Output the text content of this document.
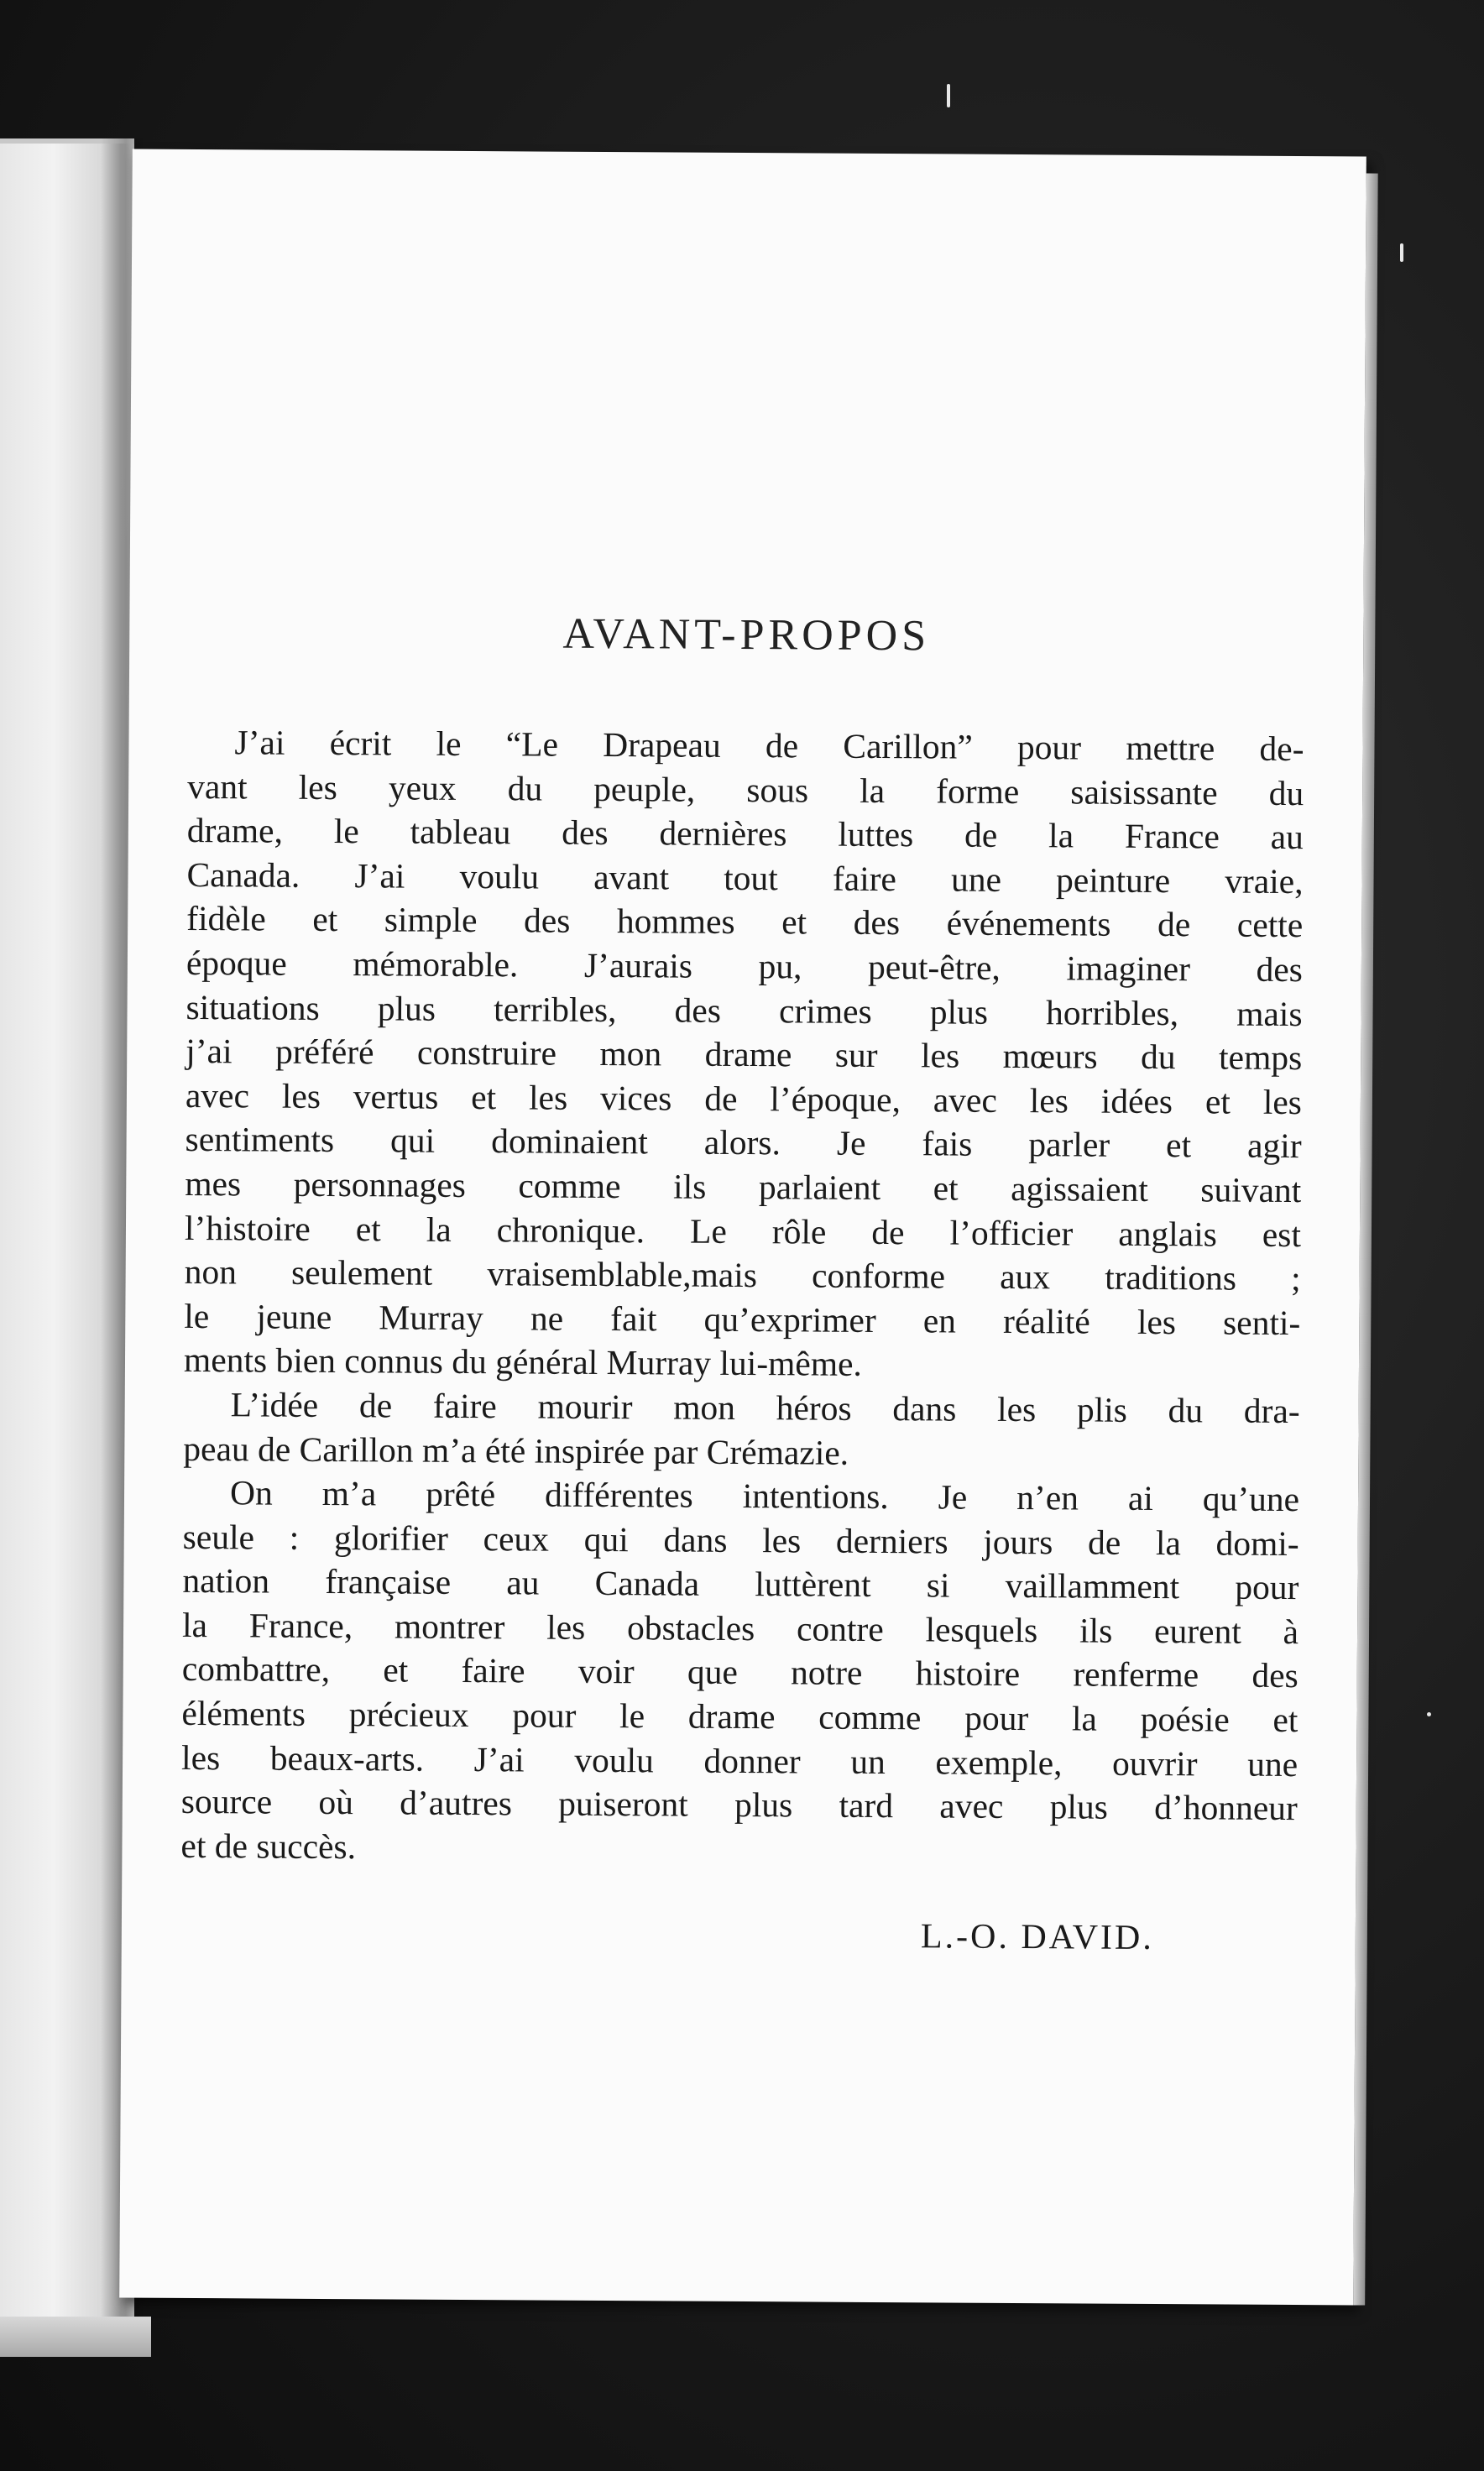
AVANT-PROPOS
J’ai écrit le “Le Drapeau de Carillon” pour mettre de-
vant les yeux du peuple, sous la forme saisissante du
drame, le tableau des dernières luttes de la France au
Canada. J’ai voulu avant tout faire une peinture vraie,
fidèle et simple des hommes et des événements de cette
époque mémorable. J’aurais pu, peut-être, imaginer des
situations plus terribles, des crimes plus horribles, mais
j’ai préféré construire mon drame sur les mœurs du temps
avec les vertus et les vices de l’époque, avec les idées et les
sentiments qui dominaient alors. Je fais parler et agir
mes personnages comme ils parlaient et agissaient suivant
l’histoire et la chronique. Le rôle de l’officier anglais est
non seulement vraisemblable,mais conforme aux traditions ;
le jeune Murray ne fait qu’exprimer en réalité les senti-
ments bien connus du général Murray lui-même.
L’idée de faire mourir mon héros dans les plis du dra-
peau de Carillon m’a été inspirée par Crémazie.
On m’a prêté différentes intentions. Je n’en ai qu’une
seule : glorifier ceux qui dans les derniers jours de la domi-
nation française au Canada luttèrent si vaillamment pour
la France, montrer les obstacles contre lesquels ils eurent à
combattre, et faire voir que notre histoire renferme des
éléments précieux pour le drame comme pour la poésie et
les beaux-arts. J’ai voulu donner un exemple, ouvrir une
source où d’autres puiseront plus tard avec plus d’honneur
et de succès.
L.-O. DAVID.
